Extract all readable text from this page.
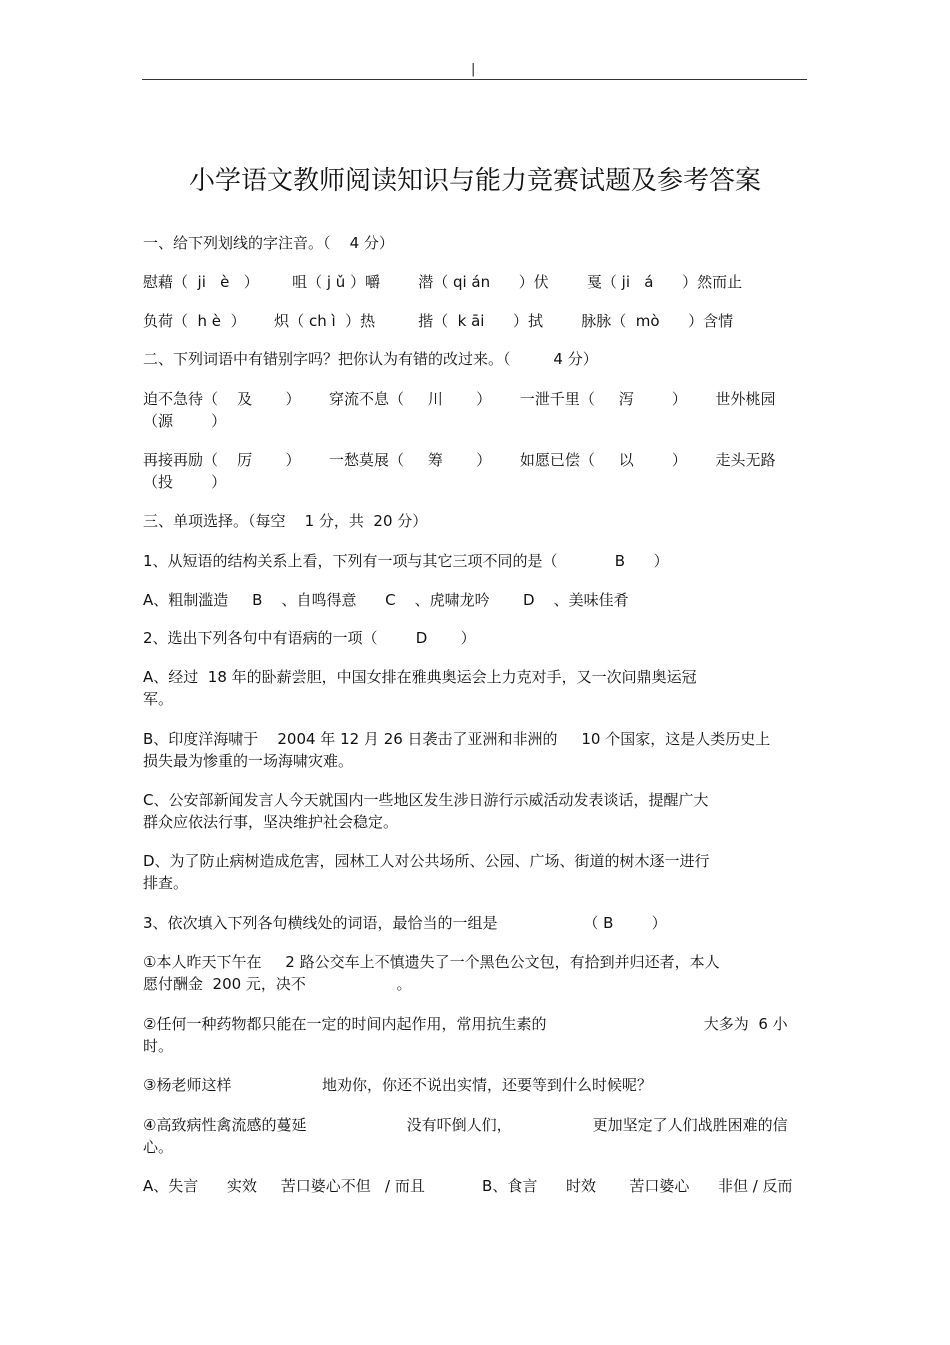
|
小学语文教师阅读知识与能力竞赛试题及参考答案
一、给下列划线的字注音。（    4 分）
慰藉（  ji   è   ）       咀（ j ǔ ）嚼        潜（ qi án      ）伏        戛（ ji   á      ）然而止
负荷（  h è  ）      炽（ ch ì  ）热         揩（  k āi      ）拭        脉脉（  mò      ）含情
二、下列词语中有错别字吗？把你认为有错的改过来。（         4 分）
迫不急待（    及       ）      穿流不息（     川       ）      一泄千里（     泻        ）      世外桃园
（源        ）
再接再励（    厉       ）      一愁莫展（     筹       ）      如愿已偿（     以        ）      走头无路
（投        ）
三、单项选择。（每空    1 分，共  20 分）
1、从短语的结构关系上看，下列有一项与其它三项不同的是（            B      ）
A、粗制滥造     B    、自鸣得意      C    、虎啸龙吟       D    、美味佳肴
2、选出下列各句中有语病的一项（        D       ）
A、经过  18 年的卧薪尝胆，中国女排在雅典奥运会上力克对手，又一次问鼎奥运冠
军。
B、印度洋海啸于    2004 年 12 月 26 日袭击了亚洲和非洲的     10 个国家，这是人类历史上
损失最为惨重的一场海啸灾难。
C、公安部新闻发言人今天就国内一些地区发生涉日游行示威活动发表谈话，提醒广大
群众应依法行事，坚决维护社会稳定。
D、为了防止病树造成危害，园林工人对公共场所、公园、广场、街道的树木逐一进行
排查。
3、依次填入下列各句横线处的词语，最恰当的一组是                  （ B        ）
①本人昨天下午在     2 路公交车上不慎遗失了一个黑色公文包，有拾到并归还者，本人
愿付酬金  200 元，决不                   。
②任何一种药物都只能在一定的时间内起作用，常用抗生素的                                 大多为  6 小
时。
③杨老师这样                   地劝你，你还不说出实情，还要等到什么时候呢？
④高致病性禽流感的蔓延                     没有吓倒人们，                 更加坚定了人们战胜困难的信
心。
A、失言      实效     苦口婆心不但   / 而且            B、食言      时效       苦口婆心      非但 / 反而
